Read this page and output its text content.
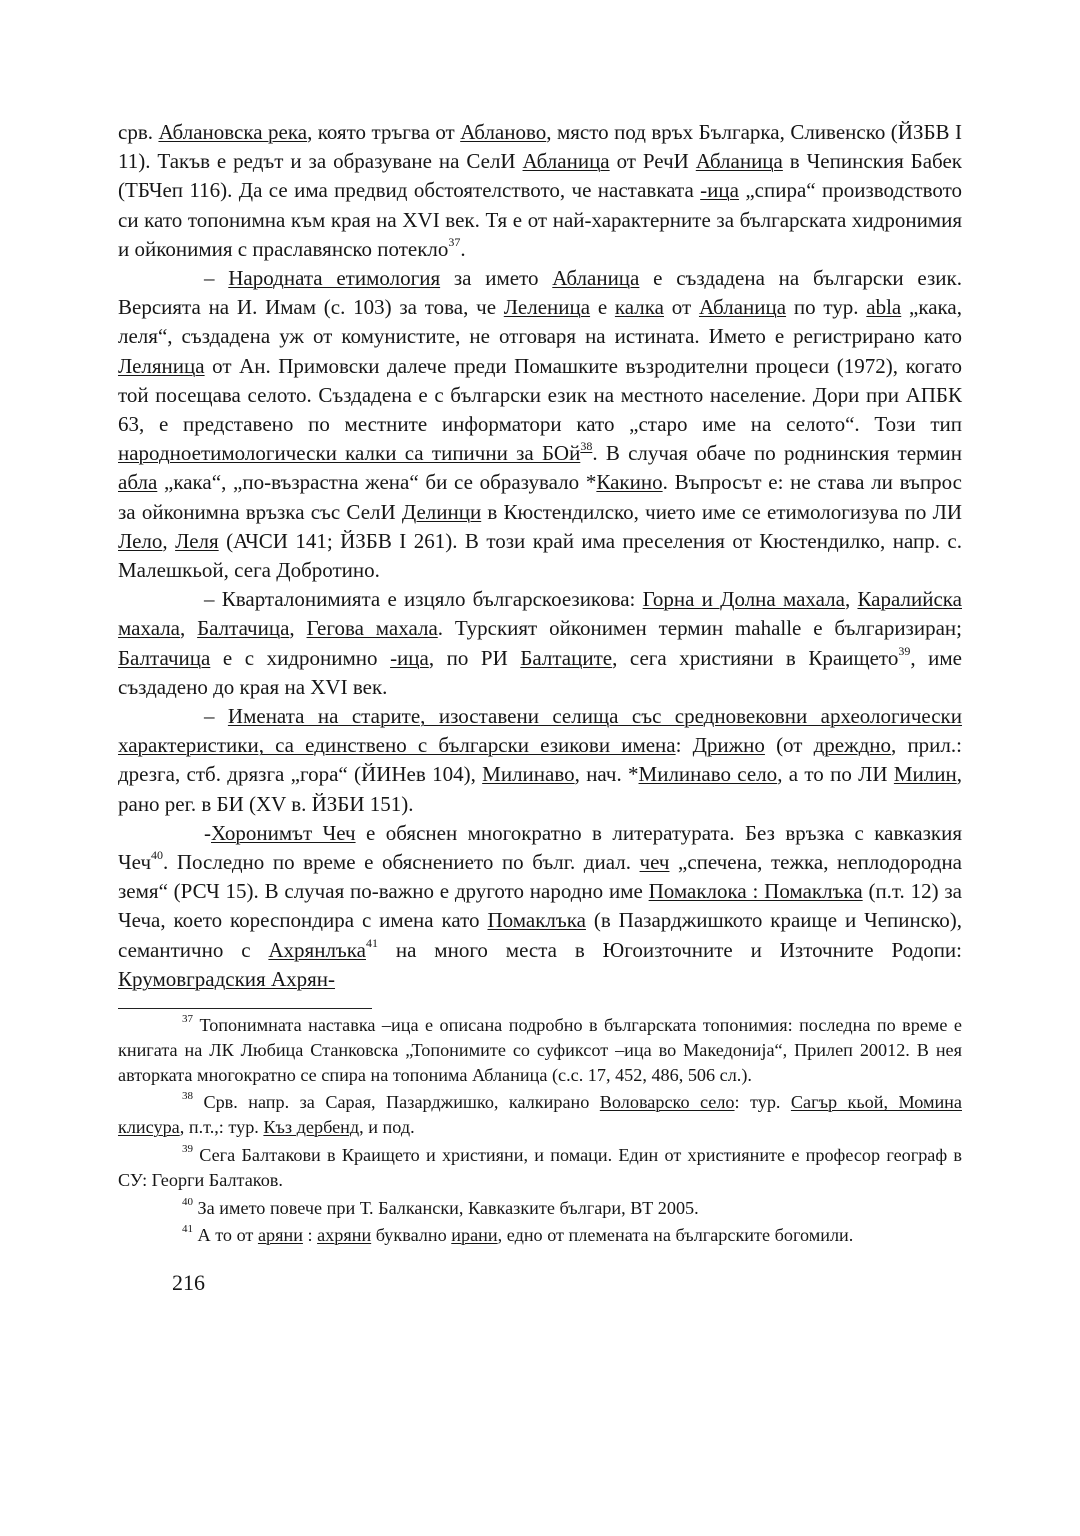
срв. Аблановска река, която тръгва от Абланово, място под връх Българка, Сливенско (ЙЗБВ I 11). Такъв е редът и за образуване на СелИ Абланица от РечИ Абланица в Чепинския Бабек (ТБЧеп 116). Да се има предвид обстоятелството, че наставката -ица „спира“ производството си като топонимна към края на XVI век. Тя е от най-характерните за българската хидронимия и ойконимия с праславянско потекло$^{37}$.

– Народната етимология за името Абланица е създадена на български език. Версията на И. Имам (с. 103) за това, че Леленица е калка от Абланица по тур. abla „кака, леля“, създадена уж от комунистите, не отговаря на истината. Името е регистрирано като Леляница от Ан. Примовски далече преди Помашките възродителни процеси (1972), когато той посещава селото. Създадена е с български език на местното население. Дори при АПБК 63, е представено по местните информатори като „старо име на селото“. Този тип народноетимологически калки са типични за БОй$^{38}$. В случая обаче по роднинския термин абла „кака“, „по-възрастна жена“ би се образувало *Какино. Въпросът е: не става ли въпрос за ойконимна връзка със СелИ Делинци в Кюстендилско, чието име се етимологизува по ЛИ Лело, Леля (АЧСИ 141; ЙЗБВ I 261). В този край има преселения от Кюстендилко, напр. с. Малешкьой, сега Добротино.

– Кварталонимията е изцяло българскоезикова: Горна и Долна махала, Каралийска махала, Балтачица, Гегова махала. Турският ойконимен термин mahalle е българизиран; Балтачица е с хидронимно -ица, по РИ Балтаците, сега християни в Краището$^{39}$, име създадено до края на XVI век.

– Имената на старите, изоставени селища със средновековни археологически характеристики, са единствено с български езикови имена: Дрижно (от дреждно, прил.: дрезга, стб. дрязга „гора“ (ЙИНев 104), Милинаво, нач. *Милинаво село, а то по ЛИ Милин, рано рег. в БИ (XV в. ЙЗБИ 151).

-Хоронимът Чеч е обяснен многократно в литературата. Без връзка с кавказкия Чеч$^{40}$. Последно по време е обяснението по бълг. диал. чеч „спечена, тежка, неплодородна земя“ (РСЧ 15). В случая по-важно е другото народно име Помаклока : Помаклъка (п.т. 12) за Чеча, което кореспондира с имена като Помаклъка (в Пазарджишкото краище и Чепинско), семантично с Ахрянлъка$^{41}$ на много места в Югоизточните и Източните Родопи: Крумовградския Ахрян-

$^{37}$ Топонимната наставка –ица е описана подробно в българската топонимия: последна по време е книгата на ЛК Любица Станковска „Топонимите со суфиксот –ица во Македонија“, Прилеп 20012. В нея авторката многократно се спира на топонима Абланица (с.с. 17, 452, 486, 506 сл.).

$^{38}$ Срв. напр. за Сарая, Пазарджишко, калкирано Воловарско село: тур. Сагър кьой, Момина клисура, п.т.,: тур. Къз дербенд, и под.

$^{39}$ Сега Балтакови в Краището и християни, и помаци. Един от християните е професор географ в СУ: Георги Балтаков.

$^{40}$ За името повече при Т. Балкански, Кавказките българи, ВТ 2005.

$^{41}$ А то от аряни : ахряни буквално ирани, едно от племената на българските богомили.

216
